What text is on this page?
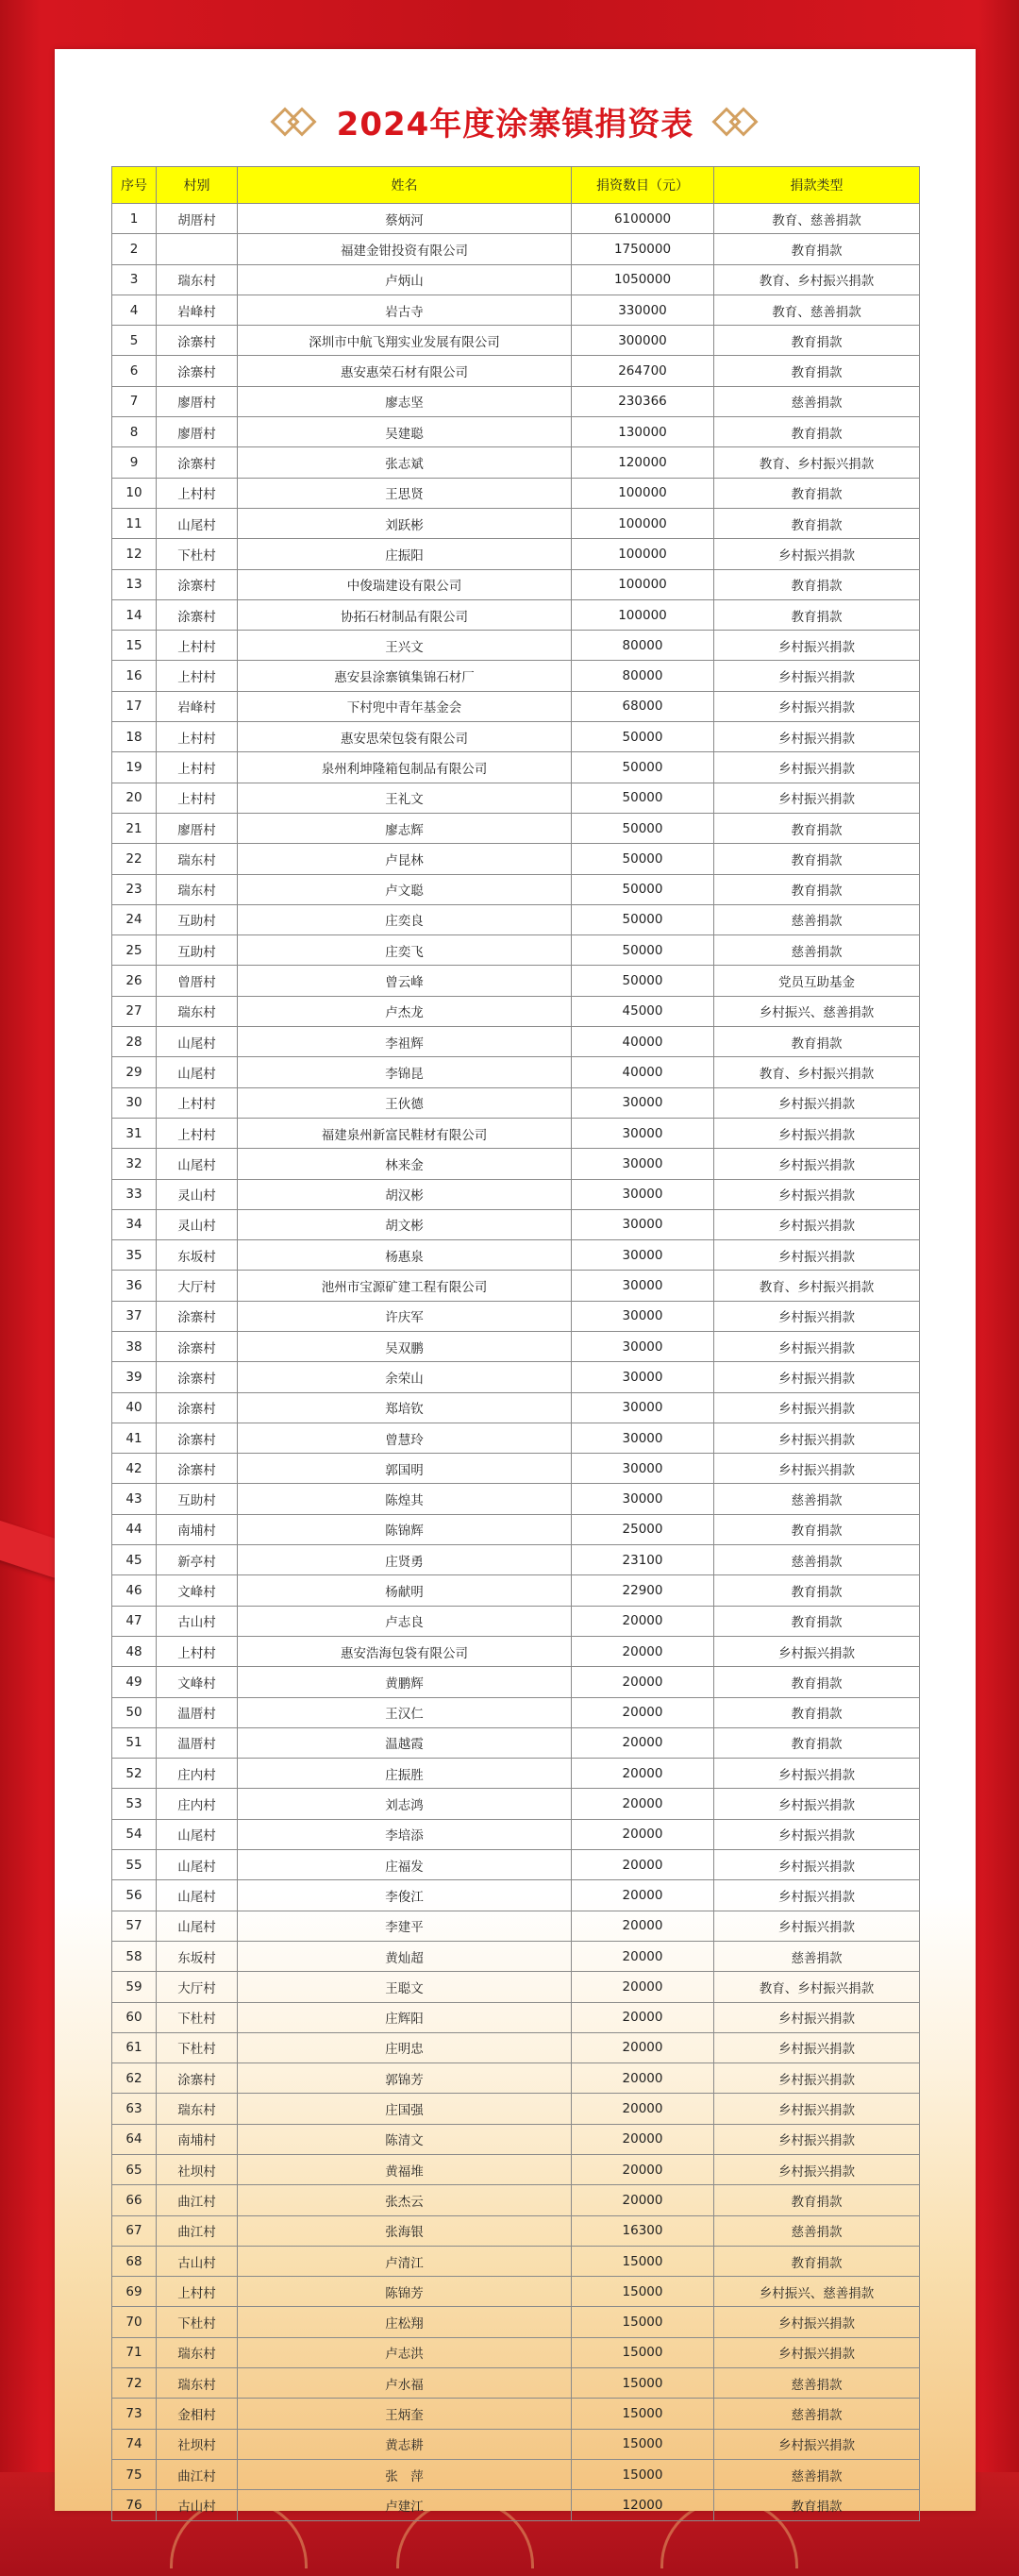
2024年度涂寨镇捐资表
序号	村别	姓名	捐资数目（元）	捐款类型
1	胡厝村	蔡炳河	6100000	教育、慈善捐款
2		福建金钳投资有限公司	1750000	教育捐款
3	瑞东村	卢炳山	1050000	教育、乡村振兴捐款
4	岩峰村	岩古寺	330000	教育、慈善捐款
5	涂寨村	深圳市中航飞翔实业发展有限公司	300000	教育捐款
6	涂寨村	惠安惠荣石材有限公司	264700	教育捐款
7	廖厝村	廖志坚	230366	慈善捐款
8	廖厝村	吴建聪	130000	教育捐款
9	涂寨村	张志斌	120000	教育、乡村振兴捐款
10	上村村	王思贤	100000	教育捐款
11	山尾村	刘跃彬	100000	教育捐款
12	下杜村	庄振阳	100000	乡村振兴捐款
13	涂寨村	中俊瑞建设有限公司	100000	教育捐款
14	涂寨村	协拓石材制品有限公司	100000	教育捐款
15	上村村	王兴文	80000	乡村振兴捐款
16	上村村	惠安县涂寨镇集锦石材厂	80000	乡村振兴捐款
17	岩峰村	下村兜中青年基金会	68000	乡村振兴捐款
18	上村村	惠安思荣包袋有限公司	50000	乡村振兴捐款
19	上村村	泉州利坤隆箱包制品有限公司	50000	乡村振兴捐款
20	上村村	王礼文	50000	乡村振兴捐款
21	廖厝村	廖志辉	50000	教育捐款
22	瑞东村	卢昆林	50000	教育捐款
23	瑞东村	卢文聪	50000	教育捐款
24	互助村	庄奕良	50000	慈善捐款
25	互助村	庄奕飞	50000	慈善捐款
26	曾厝村	曾云峰	50000	党员互助基金
27	瑞东村	卢杰龙	45000	乡村振兴、慈善捐款
28	山尾村	李祖辉	40000	教育捐款
29	山尾村	李锦昆	40000	教育、乡村振兴捐款
30	上村村	王伙德	30000	乡村振兴捐款
31	上村村	福建泉州新富民鞋材有限公司	30000	乡村振兴捐款
32	山尾村	林来金	30000	乡村振兴捐款
33	灵山村	胡汉彬	30000	乡村振兴捐款
34	灵山村	胡文彬	30000	乡村振兴捐款
35	东坂村	杨惠泉	30000	乡村振兴捐款
36	大厅村	池州市宝源矿建工程有限公司	30000	教育、乡村振兴捐款
37	涂寨村	许庆军	30000	乡村振兴捐款
38	涂寨村	吴双鹏	30000	乡村振兴捐款
39	涂寨村	余荣山	30000	乡村振兴捐款
40	涂寨村	郑培钦	30000	乡村振兴捐款
41	涂寨村	曾慧玲	30000	乡村振兴捐款
42	涂寨村	郭国明	30000	乡村振兴捐款
43	互助村	陈煌其	30000	慈善捐款
44	南埔村	陈锦辉	25000	教育捐款
45	新亭村	庄贤勇	23100	慈善捐款
46	文峰村	杨献明	22900	教育捐款
47	古山村	卢志良	20000	教育捐款
48	上村村	惠安浩海包袋有限公司	20000	乡村振兴捐款
49	文峰村	黄鹏辉	20000	教育捐款
50	温厝村	王汉仁	20000	教育捐款
51	温厝村	温越霞	20000	教育捐款
52	庄内村	庄振胜	20000	乡村振兴捐款
53	庄内村	刘志鸿	20000	乡村振兴捐款
54	山尾村	李培添	20000	乡村振兴捐款
55	山尾村	庄福发	20000	乡村振兴捐款
56	山尾村	李俊江	20000	乡村振兴捐款
57	山尾村	李建平	20000	乡村振兴捐款
58	东坂村	黄灿超	20000	慈善捐款
59	大厅村	王聪文	20000	教育、乡村振兴捐款
60	下杜村	庄辉阳	20000	乡村振兴捐款
61	下杜村	庄明忠	20000	乡村振兴捐款
62	涂寨村	郭锦芳	20000	乡村振兴捐款
63	瑞东村	庄国强	20000	乡村振兴捐款
64	南埔村	陈清文	20000	乡村振兴捐款
65	社坝村	黄福堆	20000	乡村振兴捐款
66	曲江村	张杰云	20000	教育捐款
67	曲江村	张海银	16300	慈善捐款
68	古山村	卢清江	15000	教育捐款
69	上村村	陈锦芳	15000	乡村振兴、慈善捐款
70	下杜村	庄松翔	15000	乡村振兴捐款
71	瑞东村	卢志洪	15000	乡村振兴捐款
72	瑞东村	卢水福	15000	慈善捐款
73	金相村	王炳奎	15000	慈善捐款
74	社坝村	黄志耕	15000	乡村振兴捐款
75	曲江村	张　萍	15000	慈善捐款
76	古山村	卢建江	12000	教育捐款
